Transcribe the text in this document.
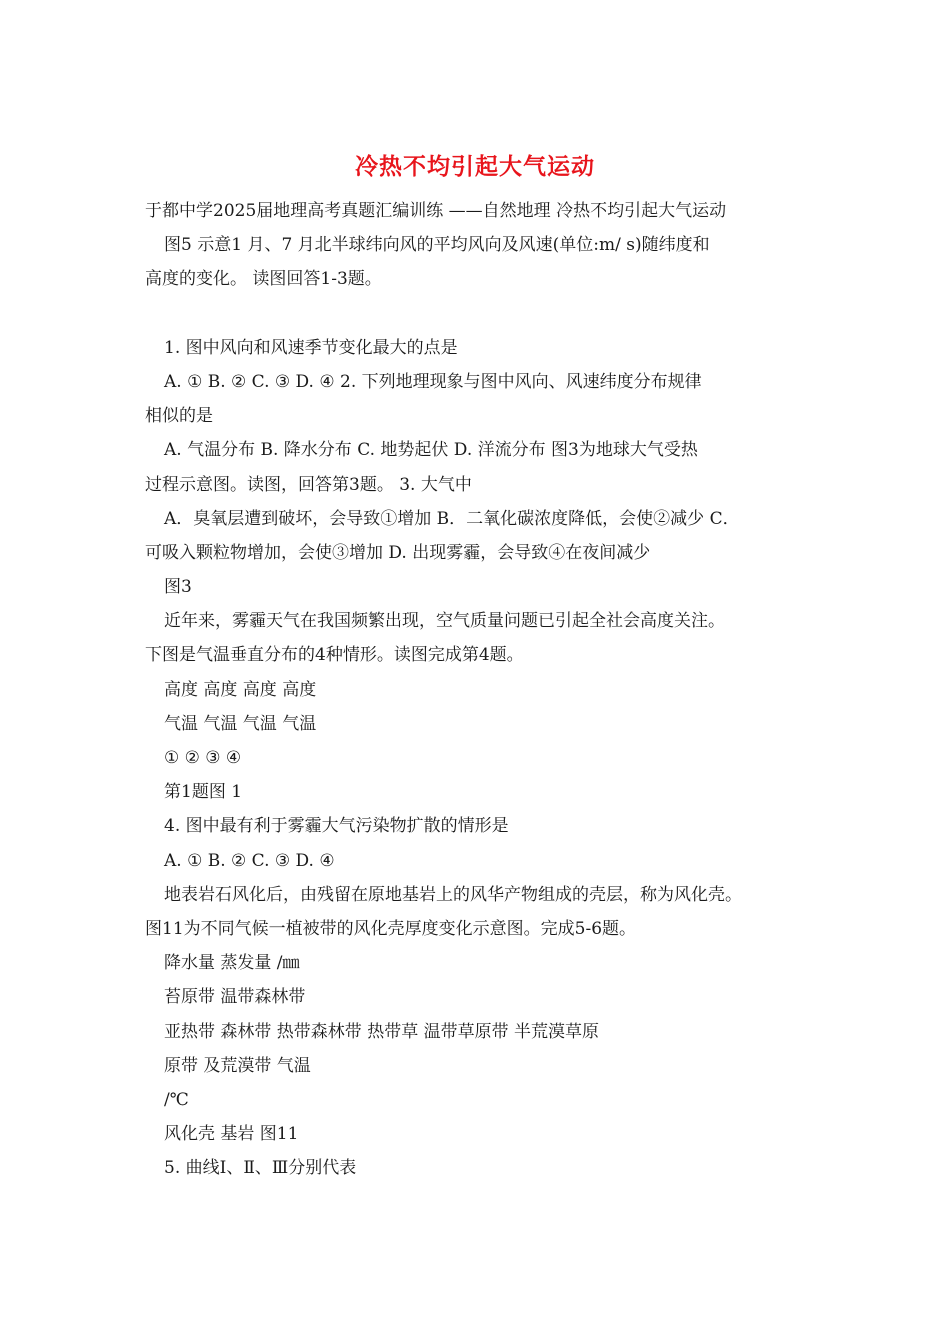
冷热不均引起大气运动
于都中学2025届地理高考真题汇编训练 ——自然地理 冷热不均引起大气运动
图5 示意1 月、7 月北半球纬向风的平均风向及风速(单位:m/ s)随纬度和
高度的变化。 读图回答1-3题。
1. 图中风向和风速季节变化最大的点是
A. ① B. ② C. ③ D. ④ 2. 下列地理现象与图中风向、风速纬度分布规律
相似的是
A. 气温分布 B. 降水分布 C. 地势起伏 D. 洋流分布 图3为地球大气受热
过程示意图。读图，回答第3题。 3. 大气中
A．臭氧层遭到破坏，会导致①增加 B．二氧化碳浓度降低，会使②减少 C．
可吸入颗粒物增加，会使③增加 D. 出现雾霾，会导致④在夜间减少
图3
近年来，雾霾天气在我国频繁出现，空气质量问题已引起全社会高度关注。
下图是气温垂直分布的4种情形。读图完成第4题。
高度 高度 高度 高度
气温 气温 气温 气温
① ② ③ ④
第1题图 1
4. 图中最有利于雾霾大气污染物扩散的情形是
A. ① B. ② C. ③ D. ④
地表岩石风化后，由残留在原地基岩上的风华产物组成的壳层，称为风化壳。
图11为不同气候一植被带的风化壳厚度变化示意图。完成5-6题。
降水量 蒸发量 /㎜
苔原带 温带森林带
亚热带 森林带 热带森林带 热带草 温带草原带 半荒漠草原
原带 及荒漠带 气温
/℃
风化壳 基岩 图11
5. 曲线Ⅰ、Ⅱ、Ⅲ分别代表
